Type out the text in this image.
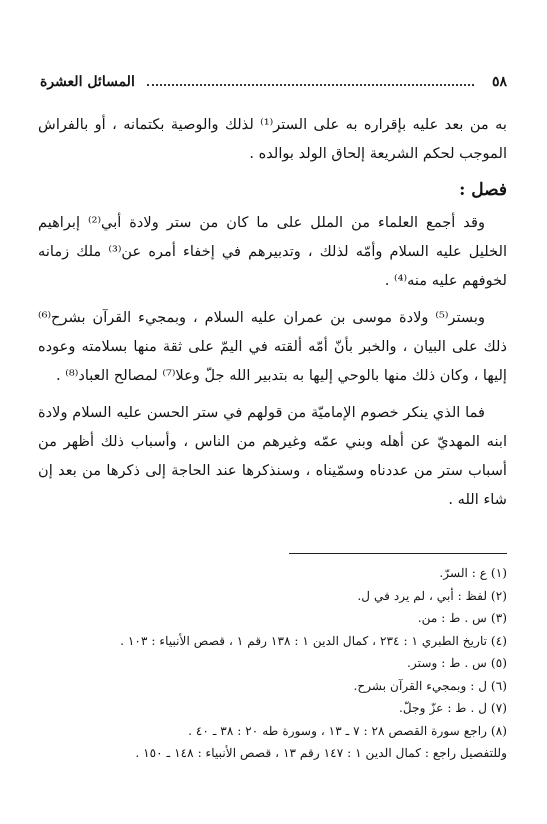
٥٨
المسائل العشرة

به من بعد عليه بإقراره به على الستر⁽¹⁾ لذلك والوصية بكتمانه ، أو بالفراش الموجب لحكم الشريعة إلحاق الولد بوالده .

فصل :

وقد أجمع العلماء من الملل على ما كان من ستر ولادة أبي⁽²⁾ إبراهيم الخليل عليه السلام وأمّه لذلك ، وتدبيرهم في إخفاء أمره عن⁽³⁾ ملك زمانه لخوفهم عليه منه⁽⁴⁾ .

وبستر⁽⁵⁾ ولادة موسى بن عمران عليه السلام ، وبمجيء القرآن بشرح⁽⁶⁾ ذلك على البيان ، والخبر بأنّ أمّه ألقته في اليمّ على ثقة منها بسلامته وعوده إليها ، وكان ذلك منها بالوحي إليها به بتدبير الله جلّ وعلا⁽⁷⁾ لمصالح العباد⁽⁸⁾ .

فما الذي ينكر خصوم الإماميّة من قولهم في ستر الحسن عليه السلام ولادة ابنه المهديّ عن أهله وبني عمّه وغيرهم من الناس ، وأسباب ذلك أظهر من أسباب ستر من عددناه وسمّيناه ، وسنذكرها عند الحاجة إلى ذكرها من بعد إن شاء الله .

(١) ع : السرّ.
(٢) لفظ : أبي ، لم يرد في ل.
(٣) س . ط : من.
(٤) تاريخ الطبري ١ : ٢٣٤ ، كمال الدين ١ : ١٣٨ رقم ١ ، قصص الأنبياء : ١٠٣ .
(٥) س . ط : وستر.
(٦) ل : وبمجيء القرآن بشرح.
(٧) ل . ط : عزّ وجلّ.
(٨) راجع سورة القصص ٢٨ : ٧ ـ ١٣ ، وسورة طه ٢٠ : ٣٨ ـ ٤٠ .
وللتفصيل راجع : كمال الدين ١ : ١٤٧ رقم ١٣ ، قصص الأنبياء : ١٤٨ ـ ١٥٠ .
